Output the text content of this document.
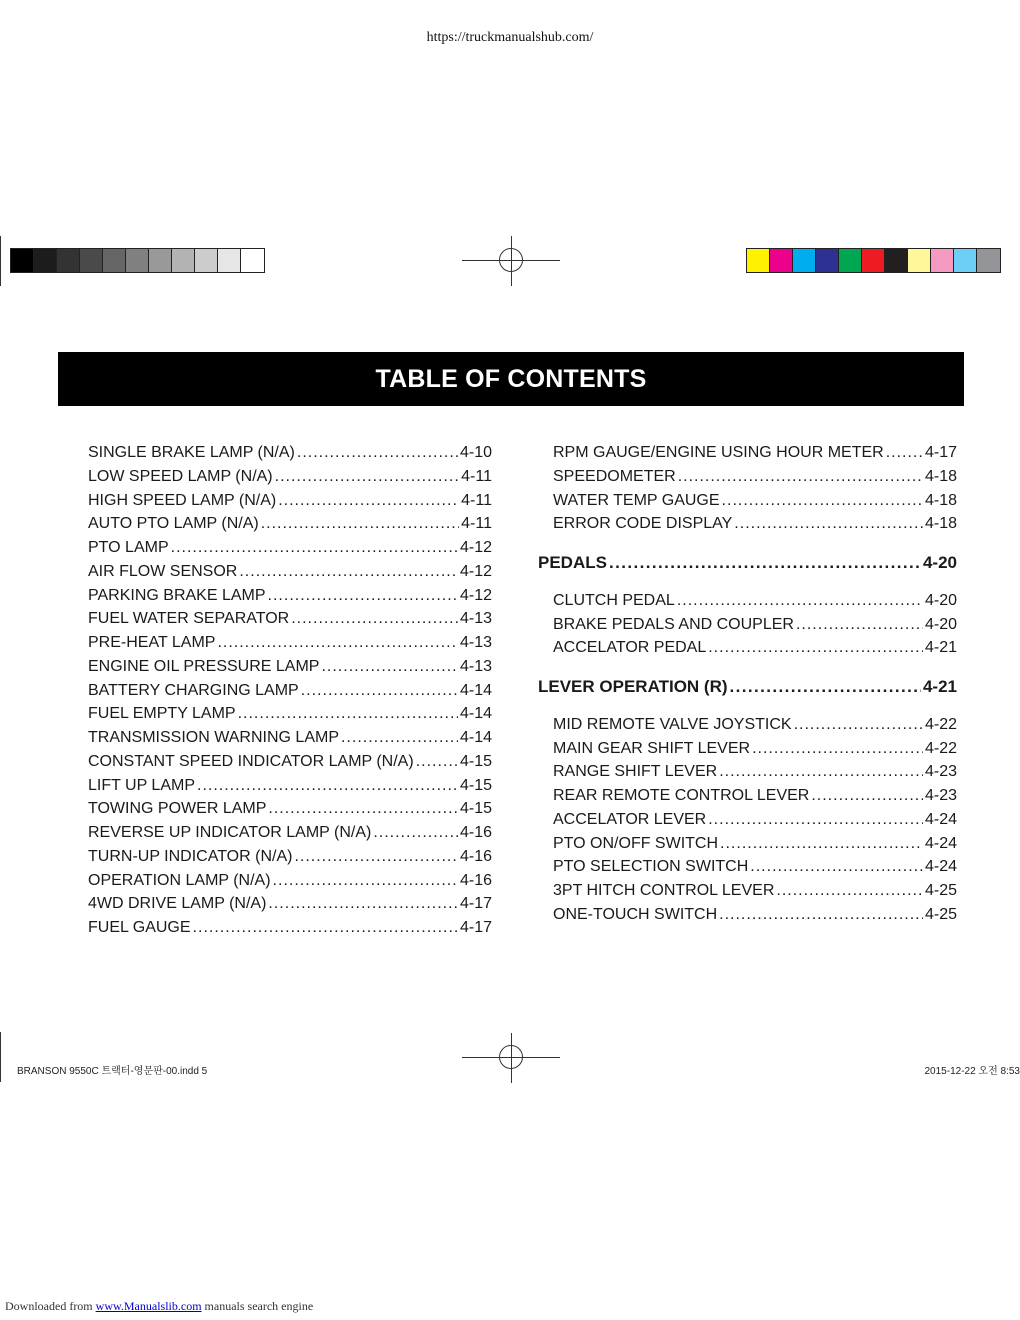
https://truckmanualshub.com/
TABLE OF CONTENTS
SINGLE BRAKE LAMP (N/A) .....	4-10
LOW SPEED LAMP (N/A) .....	4-11
HIGH SPEED LAMP (N/A) .....	4-11
AUTO PTO LAMP (N/A) .....	4-11
PTO LAMP .....	4-12
AIR FLOW SENSOR .....	4-12
PARKING BRAKE LAMP .....	4-12
FUEL WATER SEPARATOR .....	4-13
PRE-HEAT LAMP .....	4-13
ENGINE OIL PRESSURE LAMP .....	4-13
BATTERY CHARGING LAMP .....	4-14
FUEL EMPTY LAMP .....	4-14
TRANSMISSION WARNING LAMP .....	4-14
CONSTANT SPEED INDICATOR LAMP (N/A) .....	4-15
LIFT UP LAMP .....	4-15
TOWING POWER LAMP .....	4-15
REVERSE UP INDICATOR LAMP (N/A) .....	4-16
TURN-UP INDICATOR (N/A) .....	4-16
OPERATION LAMP (N/A) .....	4-16
4WD DRIVE LAMP (N/A) .....	4-17
FUEL GAUGE .....	4-17
RPM GAUGE/ENGINE USING HOUR METER .....	4-17
SPEEDOMETER .....	4-18
WATER TEMP GAUGE .....	4-18
ERROR CODE DISPLAY .....	4-18
PEDALS .....	4-20
CLUTCH PEDAL .....	4-20
BRAKE PEDALS AND COUPLER .....	4-20
ACCELATOR PEDAL .....	4-21
LEVER OPERATION (R) .....	4-21
MID REMOTE VALVE JOYSTICK .....	4-22
MAIN GEAR SHIFT LEVER .....	4-22
RANGE SHIFT LEVER .....	4-23
REAR REMOTE CONTROL LEVER .....	4-23
ACCELATOR LEVER .....	4-24
PTO ON/OFF SWITCH .....	4-24
PTO SELECTION SWITCH .....	4-24
3PT HITCH CONTROL LEVER .....	4-25
ONE-TOUCH SWITCH .....	4-25
BRANSON 9550C 트랙터-영문판-00.indd 5	2015-12-22 오전 8:53
Downloaded from www.Manualslib.com manuals search engine
